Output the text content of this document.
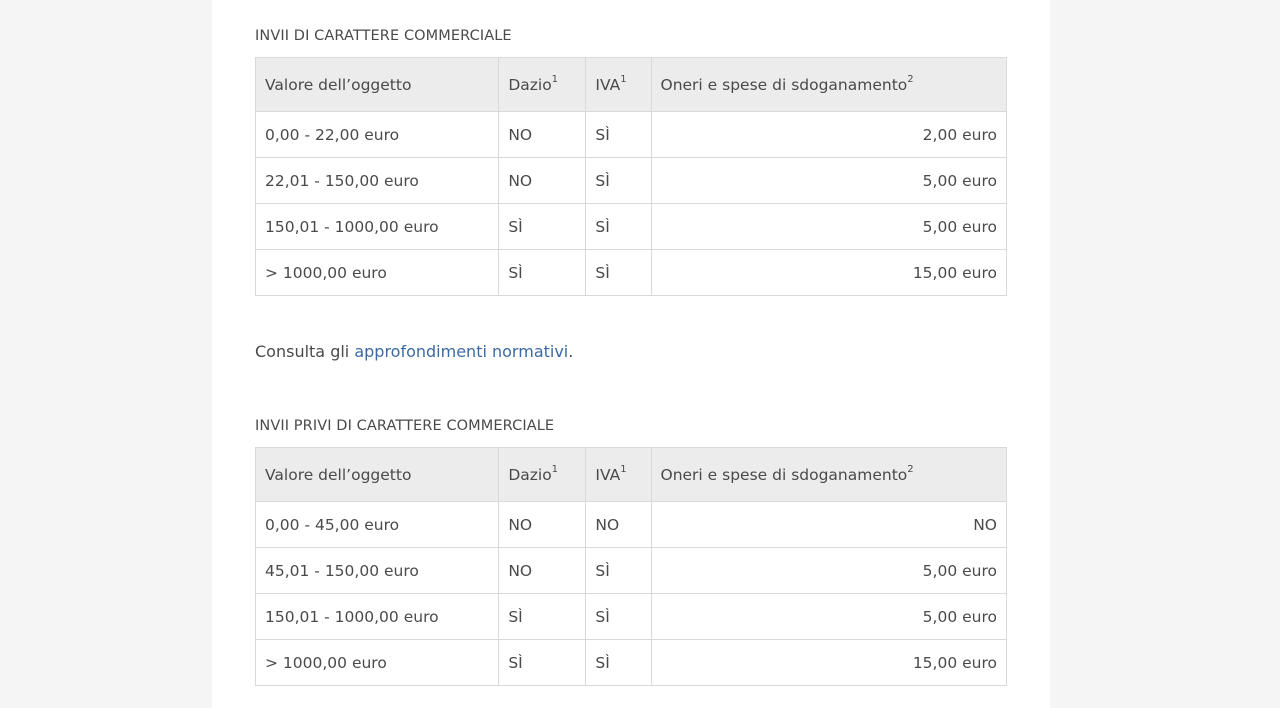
INVII DI CARATTERE COMMERCIALE
Valore dell’oggetto	Dazio$^1$	IVA$^1$	Oneri e spese di sdoganamento$^2$
0,00 - 22,00 euro	NO	SÌ	2,00 euro
22,01 - 150,00 euro	NO	SÌ	5,00 euro
150,01 - 1000,00 euro	SÌ	SÌ	5,00 euro
> 1000,00 euro	SÌ	SÌ	15,00 euro

Consulta gli approfondimenti normativi.

INVII PRIVI DI CARATTERE COMMERCIALE
Valore dell’oggetto	Dazio$^1$	IVA$^1$	Oneri e spese di sdoganamento$^2$
0,00 - 45,00 euro	NO	NO	NO
45,01 - 150,00 euro	NO	SÌ	5,00 euro
150,01 - 1000,00 euro	SÌ	SÌ	5,00 euro
> 1000,00 euro	SÌ	SÌ	15,00 euro
